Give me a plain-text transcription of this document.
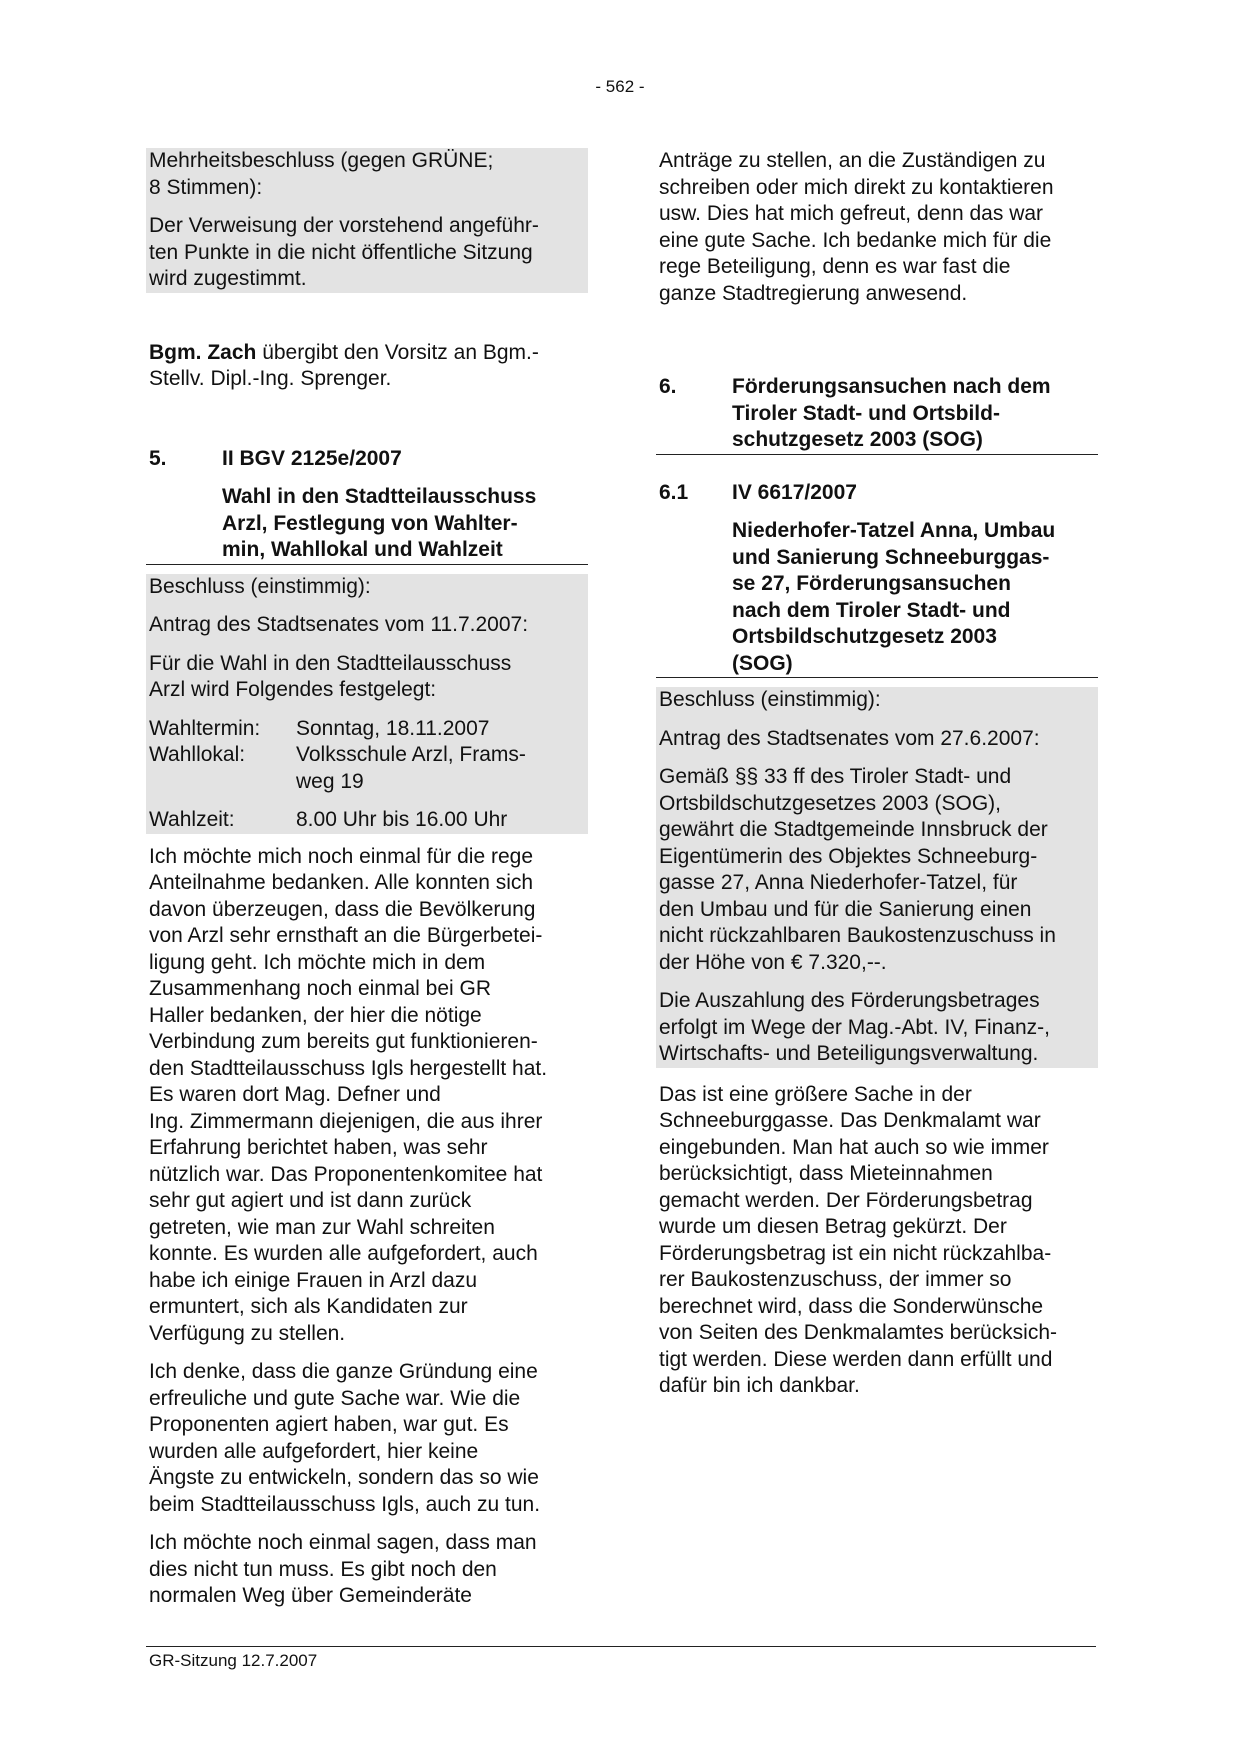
- 562 -

Mehrheitsbeschluss (gegen GRÜNE;
8 Stimmen):

Der Verweisung der vorstehend angeführ-
ten Punkte in die nicht öffentliche Sitzung
wird zugestimmt.

Bgm. Zach übergibt den Vorsitz an Bgm.-
Stellv. Dipl.-Ing. Sprenger.

5.	II BGV 2125e/2007
Wahl in den Stadtteilausschuss
Arzl, Festlegung von Wahlter-
min, Wahllokal und Wahlzeit

Beschluss (einstimmig):

Antrag des Stadtsenates vom 11.7.2007:

Für die Wahl in den Stadtteilausschuss
Arzl wird Folgendes festgelegt:

Wahltermin:	Sonntag, 18.11.2007
Wahllokal:	Volksschule Arzl, Frams-
weg 19
Wahlzeit:	8.00 Uhr bis 16.00 Uhr

Ich möchte mich noch einmal für die rege
Anteilnahme bedanken. Alle konnten sich
davon überzeugen, dass die Bevölkerung
von Arzl sehr ernsthaft an die Bürgerbetei-
ligung geht. Ich möchte mich in dem
Zusammenhang noch einmal bei GR
Haller bedanken, der hier die nötige
Verbindung zum bereits gut funktionieren-
den Stadtteilausschuss Igls hergestellt hat.
Es waren dort Mag. Defner und
Ing. Zimmermann diejenigen, die aus ihrer
Erfahrung berichtet haben, was sehr
nützlich war. Das Proponentenkomitee hat
sehr gut agiert und ist dann zurück
getreten, wie man zur Wahl schreiten
konnte. Es wurden alle aufgefordert, auch
habe ich einige Frauen in Arzl dazu
ermuntert, sich als Kandidaten zur
Verfügung zu stellen.

Ich denke, dass die ganze Gründung eine
erfreuliche und gute Sache war. Wie die
Proponenten agiert haben, war gut. Es
wurden alle aufgefordert, hier keine
Ängste zu entwickeln, sondern das so wie
beim Stadtteilausschuss Igls, auch zu tun.

Ich möchte noch einmal sagen, dass man
dies nicht tun muss. Es gibt noch den
normalen Weg über Gemeinderäte

Anträge zu stellen, an die Zuständigen zu
schreiben oder mich direkt zu kontaktieren
usw. Dies hat mich gefreut, denn das war
eine gute Sache. Ich bedanke mich für die
rege Beteiligung, denn es war fast die
ganze Stadtregierung anwesend.

6.	Förderungsansuchen nach dem
Tiroler Stadt- und Ortsbild-
schutzgesetz 2003 (SOG)
6.1	IV 6617/2007
Niederhofer-Tatzel Anna, Umbau
und Sanierung Schneeburggas-
se 27, Förderungsansuchen
nach dem Tiroler Stadt- und
Ortsbildschutzgesetz 2003
(SOG)

Beschluss (einstimmig):

Antrag des Stadtsenates vom 27.6.2007:

Gemäß §§ 33 ff des Tiroler Stadt- und
Ortsbildschutzgesetzes 2003 (SOG),
gewährt die Stadtgemeinde Innsbruck der
Eigentümerin des Objektes Schneeburg-
gasse 27, Anna Niederhofer-Tatzel, für
den Umbau und für die Sanierung einen
nicht rückzahlbaren Baukostenzuschuss in
der Höhe von € 7.320,--.

Die Auszahlung des Förderungsbetrages
erfolgt im Wege der Mag.-Abt. IV, Finanz-,
Wirtschafts- und Beteiligungsverwaltung.

Das ist eine größere Sache in der
Schneeburggasse. Das Denkmalamt war
eingebunden. Man hat auch so wie immer
berücksichtigt, dass Mieteinnahmen
gemacht werden. Der Förderungsbetrag
wurde um diesen Betrag gekürzt. Der
Förderungsbetrag ist ein nicht rückzahlba-
rer Baukostenzuschuss, der immer so
berechnet wird, dass die Sonderwünsche
von Seiten des Denkmalamtes berücksich-
tigt werden. Diese werden dann erfüllt und
dafür bin ich dankbar.

GR-Sitzung 12.7.2007
